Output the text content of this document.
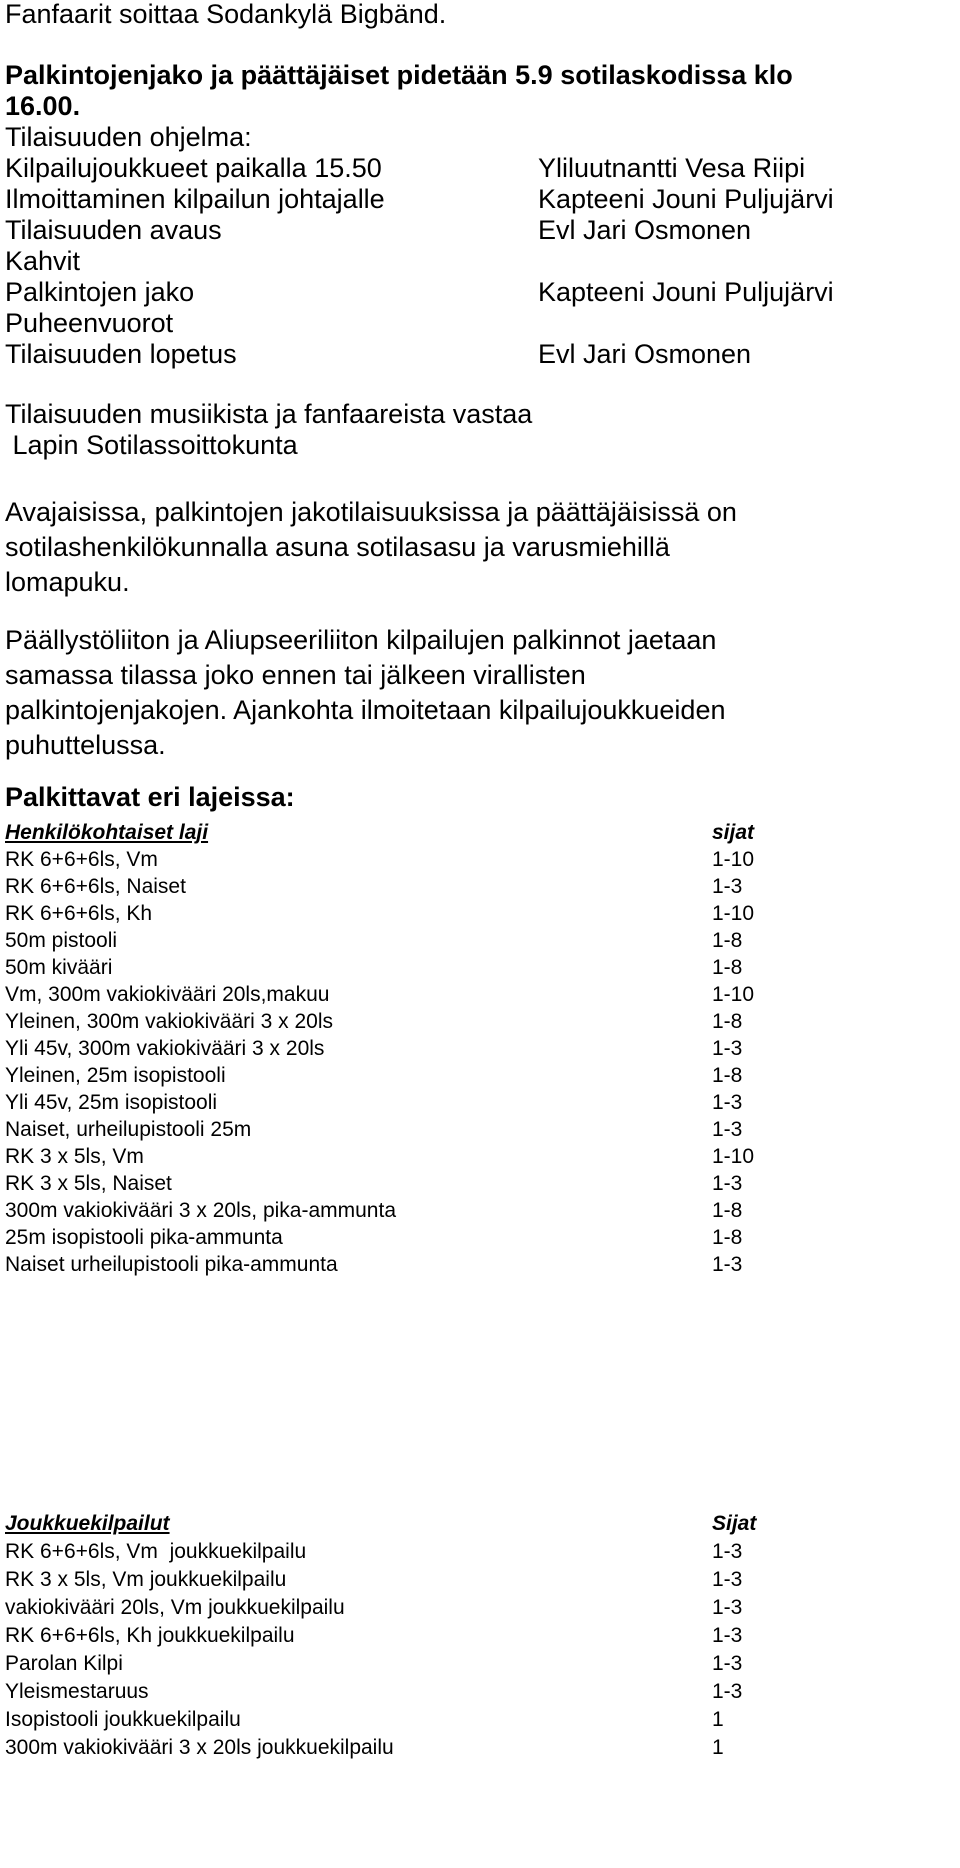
Fanfaarit soittaa Sodankylä Bigbänd.
Palkintojenjako ja päättäjäiset pidetään 5.9 sotilaskodissa klo
16.00.
Tilaisuuden ohjelma:
Kilpailujoukkueet paikalla 15.50	Yliluutnantti Vesa Riipi
Ilmoittaminen kilpailun johtajalle	Kapteeni Jouni Puljujärvi
Tilaisuuden avaus	Evl Jari Osmonen
Kahvit
Palkintojen jako	Kapteeni Jouni Puljujärvi
Puheenvuorot
Tilaisuuden lopetus	Evl Jari Osmonen
Tilaisuuden musiikista ja fanfaareista vastaa
Lapin Sotilassoittokunta
Avajaisissa, palkintojen jakotilaisuuksissa ja päättäjäisissä on
sotilashenkilökunnalla asuna sotilasasu ja varusmiehillä
lomapuku.
Päällystöliiton ja Aliupseeriliiton kilpailujen palkinnot jaetaan
samassa tilassa joko ennen tai jälkeen virallisten
palkintojenjakojen. Ajankohta ilmoitetaan kilpailujoukkueiden
puhuttelussa.
Palkittavat eri lajeissa:
Henkilökohtaiset laji	sijat
RK 6+6+6ls, Vm	1-10
RK 6+6+6ls, Naiset	1-3
RK 6+6+6ls, Kh	1-10
50m pistooli	1-8
50m kivääri	1-8
Vm, 300m vakiokivääri 20ls,makuu	1-10
Yleinen, 300m vakiokivääri 3 x 20ls	1-8
Yli 45v, 300m vakiokivääri 3 x 20ls	1-3
Yleinen, 25m isopistooli	1-8
Yli 45v, 25m isopistooli	1-3
Naiset, urheilupistooli 25m	1-3
RK 3 x 5ls, Vm	1-10
RK 3 x 5ls, Naiset	1-3
300m vakiokivääri 3 x 20ls, pika-ammunta	1-8
25m isopistooli pika-ammunta	1-8
Naiset urheilupistooli pika-ammunta	1-3
Joukkuekilpailut	Sijat
RK 6+6+6ls, Vm  joukkuekilpailu	1-3
RK 3 x 5ls, Vm joukkuekilpailu	1-3
vakiokivääri 20ls, Vm joukkuekilpailu	1-3
RK 6+6+6ls, Kh joukkuekilpailu	1-3
Parolan Kilpi	1-3
Yleismestaruus	1-3
Isopistooli joukkuekilpailu	1
300m vakiokivääri 3 x 20ls joukkuekilpailu	1
